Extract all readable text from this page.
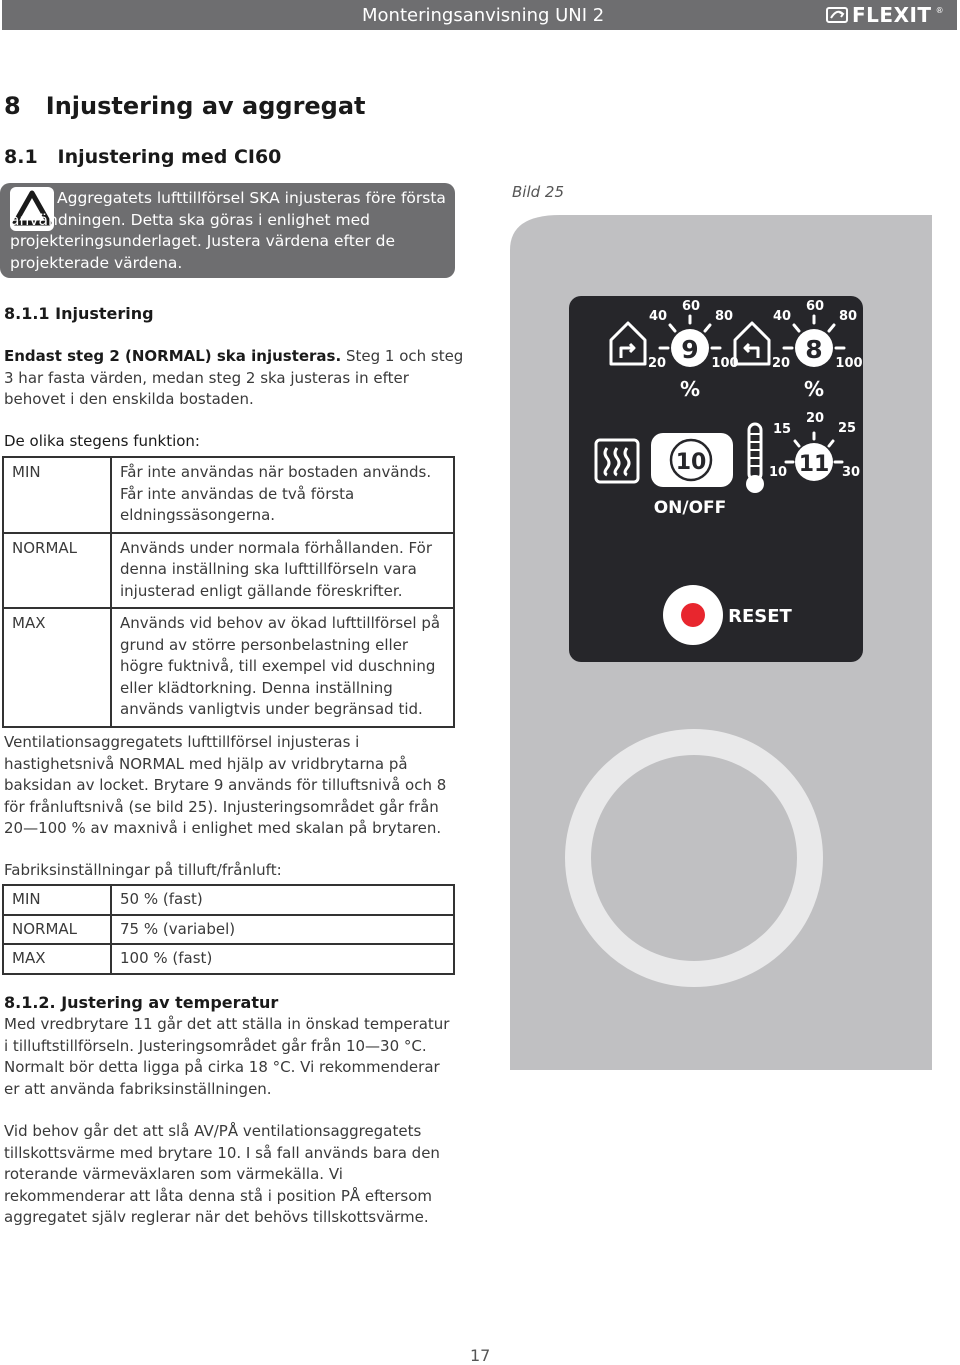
Monteringsanvisning UNI 2	FLEXIT ®
8   Injustering av aggregat
8.1   Injustering med CI60
Aggregatets lufttillförsel SKA injusteras före första användningen. Detta ska göras i enlighet med projekteringsunderlaget. Justera värdena efter de projekterade värdena.
8.1.1 Injustering
Endast steg 2 (NORMAL) ska injusteras. Steg 1 och steg 3 har fasta värden, medan steg 2 ska justeras in efter behovet i den enskilda bostaden.
De olika stegens funktion:
MIN	Får inte användas när bostaden används. Får inte användas de två första eldningssäsongerna.
NORMAL	Används under normala förhållanden. För denna inställning ska lufttillförseln vara injusterad enligt gällande föreskrifter.
MAX	Används vid behov av ökad lufttillförsel på grund av större personbelastning eller högre fuktnivå, till exempel vid duschning eller klädtorkning. Denna inställning används vanligtvis under begränsad tid.
Ventilationsaggregatets lufttillförsel injusteras i hastighetsnivå NORMAL med hjälp av vridbrytarna på baksidan av locket. Brytare 9 används för tilluftsnivå och 8 för frånluftsnivå (se bild 25). Injusteringsområdet går från 20—100 % av maxnivå i enlighet med skalan på brytaren.
Fabriksinställningar på tilluft/frånluft:
MIN	50 % (fast)
NORMAL	75 % (variabel)
MAX	100 % (fast)
8.1.2. Justering av temperatur
Med vredbrytare 11 går det att ställa in önskad temperatur i tilluftstillförseln. Justeringsområdet går från 10—30 °C. Normalt bör detta ligga på cirka 18 °C. Vi rekommenderar er att använda fabriksinställningen.
Vid behov går det att slå AV/PÅ ventilationsaggregatets tillskottsvärme med brytare 10. I så fall används bara den roterande värmeväxlaren som värmekälla. Vi rekommenderar att låta denna stå i position PÅ eftersom aggregatet själv reglerar när det behövs tillskottsvärme.
Bild 25
9
20
40
60
80
100
%
8
20
40
60
80
100
%
10
ON/OFF
11
10
15
20
25
30
RESET
17
